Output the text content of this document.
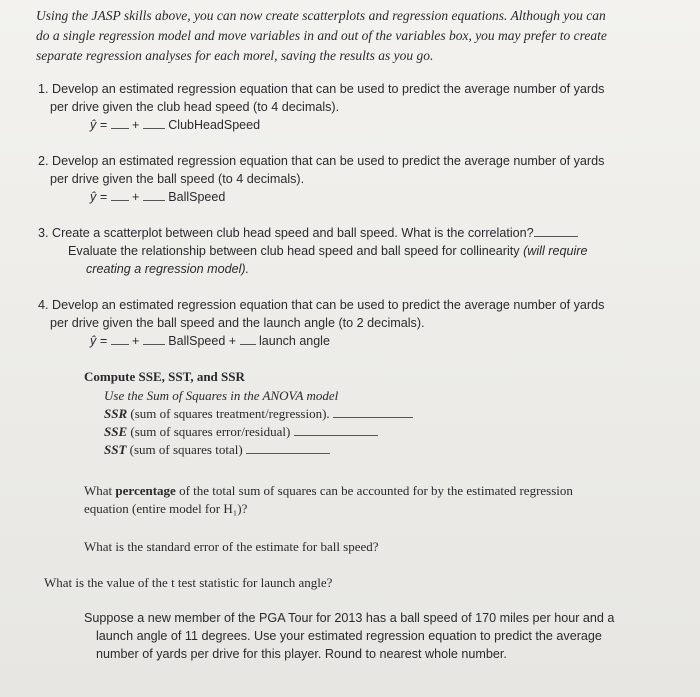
Using the JASP skills above, you can now create scatterplots and regression equations. Although you can
do a single regression model and move variables in and out of the variables box, you may prefer to create
separate regression analyses for each morel, saving the results as you go.
1. Develop an estimated regression equation that can be used to predict the average number of yards
per drive given the club head speed (to 4 decimals).
ŷ = + ClubHeadSpeed
2. Develop an estimated regression equation that can be used to predict the average number of yards
per drive given the ball speed (to 4 decimals).
ŷ = + BallSpeed
3. Create a scatterplot between club head speed and ball speed. What is the correlation?
Evaluate the relationship between club head speed and ball speed for collinearity (will require
creating a regression model).
4. Develop an estimated regression equation that can be used to predict the average number of yards
per drive given the ball speed and the launch angle (to 2 decimals).
ŷ = + BallSpeed + launch angle
Compute SSE, SST, and SSR
Use the Sum of Squares in the ANOVA model
SSR (sum of squares treatment/regression).
SSE (sum of squares error/residual)
SST (sum of squares total)
What percentage of the total sum of squares can be accounted for by the estimated regression
equation (entire model for H₁)?
What is the standard error of the estimate for ball speed?
What is the value of the t test statistic for launch angle?
Suppose a new member of the PGA Tour for 2013 has a ball speed of 170 miles per hour and a
launch angle of 11 degrees. Use your estimated regression equation to predict the average
number of yards per drive for this player. Round to nearest whole number.
